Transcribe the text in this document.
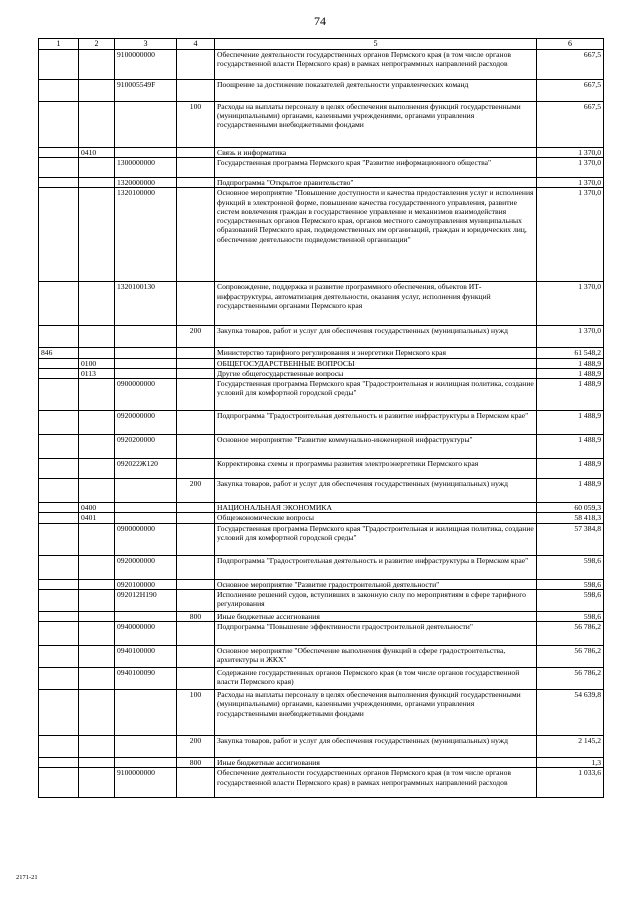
74
1	2	3	4	5	6
		9100000000		Обеспечение деятельности государственных органов Пермского края (в том числе органов государственной власти Пермского края) в рамках непрограммных направлений расходов	667,5
		910005549F		Поощрение за достижение показателей деятельности управленческих команд	667,5
			100	Расходы на выплаты персоналу в целях обеспечения выполнения функций государственными (муниципальными) органами, казенными учреждениями, органами управления государственными внебюджетными фондами	667,5
	0410			Связь и информатика	1 370,0
		1300000000		Государственная программа Пермского края "Развитие информационного общества"	1 370,0
		1320000000		Подпрограмма "Открытое правительство"	1 370,0
		1320100000		Основное мероприятие "Повышение доступности и качества предоставления услуг и исполнения функций в электронной форме, повышение качества государственного управления, развитие систем вовлечения граждан в государственное управление и механизмов взаимодействия государственных органов Пермского края, органов местного самоуправления муниципальных образований Пермского края, подведомственных им организаций, граждан и юридических лиц, обеспечение деятельности подведомственной организации"	1 370,0
		1320100130		Сопровождение, поддержка и развитие программного обеспечения, объектов ИТ-инфраструктуры, автоматизация деятельности, оказания услуг, исполнения функций государственными органами Пермского края	1 370,0
			200	Закупка товаров, работ и услуг для обеспечения государственных (муниципальных) нужд	1 370,0
846				Министерство тарифного регулирования и энергетики Пермского края	61 548,2
	0100			ОБЩЕГОСУДАРСТВЕННЫЕ ВОПРОСЫ	1 488,9
	0113			Другие общегосударственные вопросы	1 488,9
		0900000000		Государственная программа Пермского края "Градостроительная и жилищная политика, создание условий для комфортной городской среды"	1 488,9
		0920000000		Подпрограмма "Градостроительная деятельность и развитие инфраструктуры в Пермском крае"	1 488,9
		0920200000		Основное мероприятие "Развитие коммунально-инженерной инфраструктуры"	1 488,9
		092022Ж120		Корректировка схемы и программы развития электроэнергетики Пермского края	1 488,9
			200	Закупка товаров, работ и услуг для обеспечения государственных (муниципальных) нужд	1 488,9
	0400			НАЦИОНАЛЬНАЯ ЭКОНОМИКА	60 059,3
	0401			Общеэкономические вопросы	58 418,3
		0900000000		Государственная программа Пермского края "Градостроительная и жилищная политика, создание условий для комфортной городской среды"	57 384,8
		0920000000		Подпрограмма "Градостроительная деятельность и развитие инфраструктуры в Пермском крае"	598,6
		0920100000		Основное мероприятие "Развитие градостроительной деятельности"	598,6
		092012Н190		Исполнение решений судов, вступивших в законную силу по мероприятиям в сфере тарифного регулирования	598,6
			800	Иные бюджетные ассигнования	598,6
		0940000000		Подпрограмма "Повышение эффективности градостроительной деятельности"	56 786,2
		0940100000		Основное мероприятие "Обеспечение выполнения функций в сфере градостроительства, архитектуры и ЖКХ"	56 786,2
		0940100090		Содержание государственных органов Пермского края (в том числе органов государственной власти Пермского края)	56 786,2
			100	Расходы на выплаты персоналу в целях обеспечения выполнения функций государственными (муниципальными) органами, казенными учреждениями, органами управления государственными внебюджетными фондами	54 639,8
			200	Закупка товаров, работ и услуг для обеспечения государственных (муниципальных) нужд	2 145,2
			800	Иные бюджетные ассигнования	1,3
		9100000000		Обеспечение деятельности государственных органов Пермского края (в том числе органов государственной власти Пермского края) в рамках непрограммных направлений расходов	1 033,6
2171-21
